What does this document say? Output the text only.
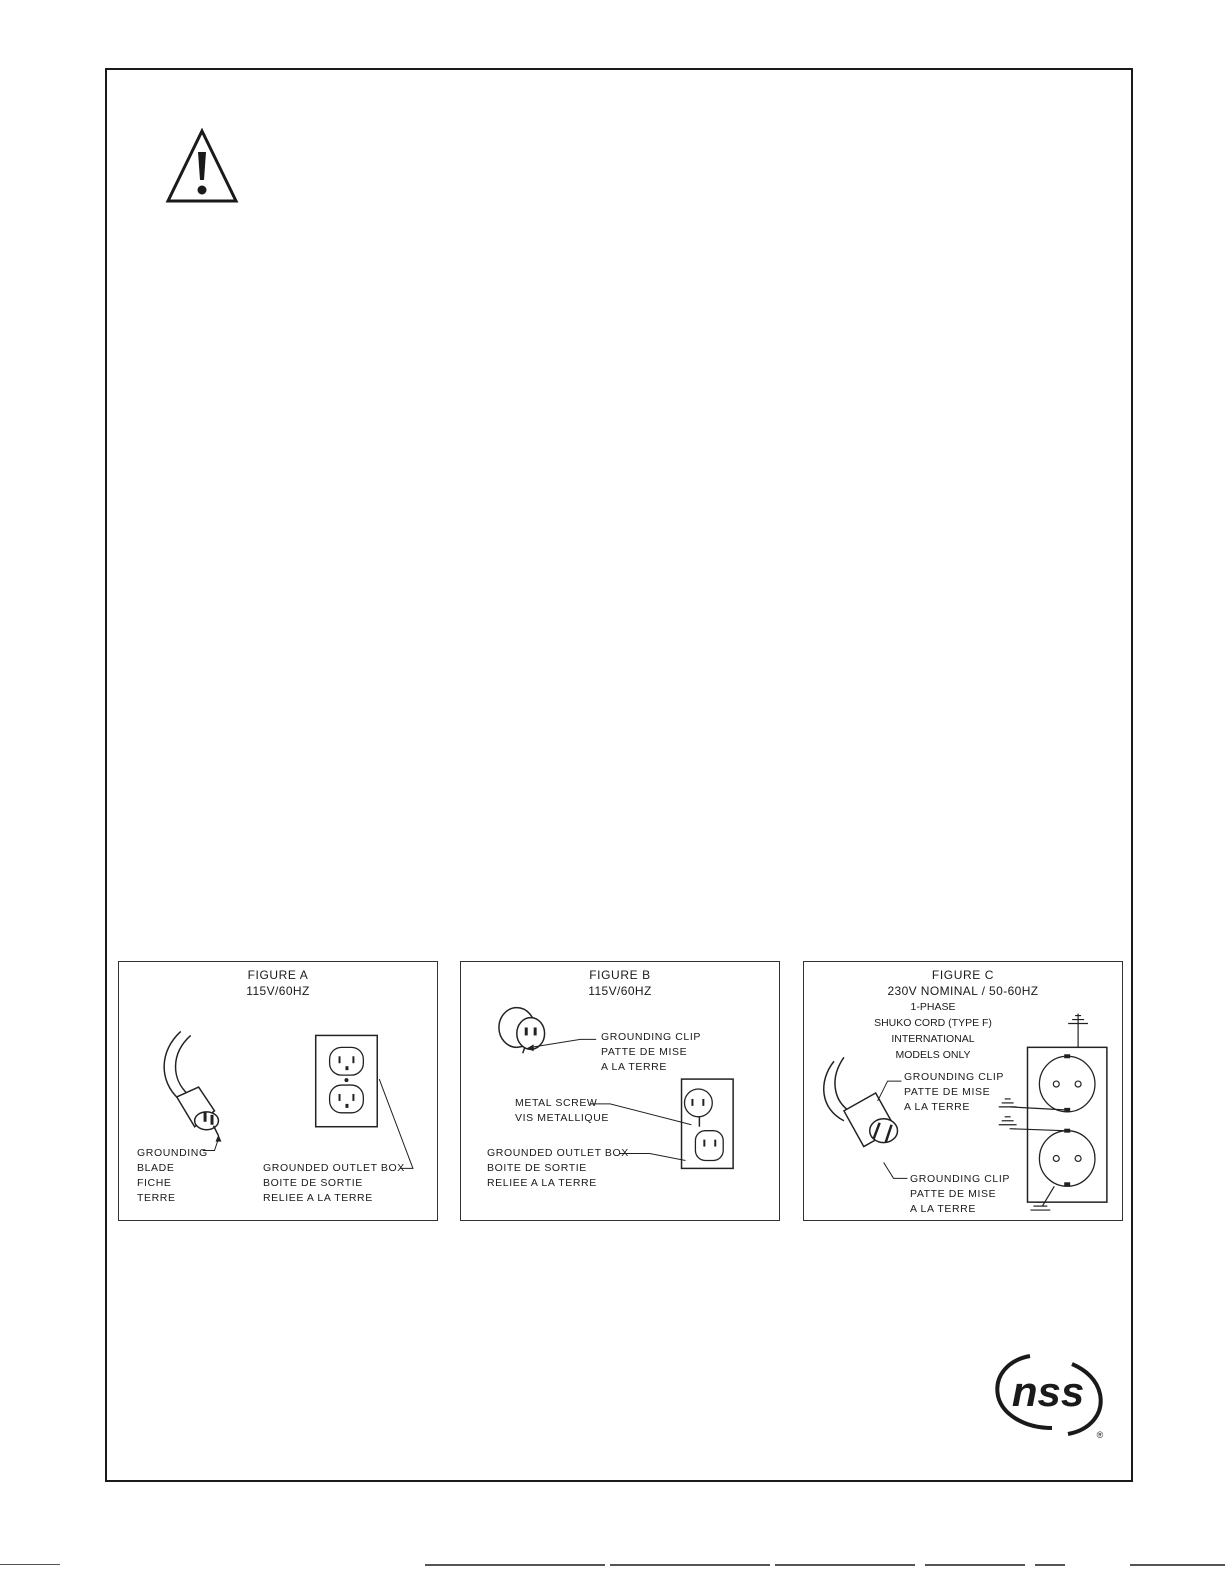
FIGURE A
115V/60HZ
GROUNDING
BLADE
FICHE
TERRE
GROUNDED OUTLET BOX
BOITE DE SORTIE
RELIEE A LA TERRE
FIGURE B
115V/60HZ
GROUNDING CLIP
PATTE DE MISE
A LA TERRE
METAL SCREW
VIS METALLIQUE
GROUNDED OUTLET BOX
BOITE DE SORTIE
RELIEE A LA TERRE
FIGURE C
230V NOMINAL / 50-60HZ
1-PHASE
SHUKO CORD (TYPE F)
INTERNATIONAL
MODELS ONLY
GROUNDING CLIP
PATTE DE MISE
A LA TERRE
GROUNDING CLIP
PATTE DE MISE
A LA TERRE
nss
®
